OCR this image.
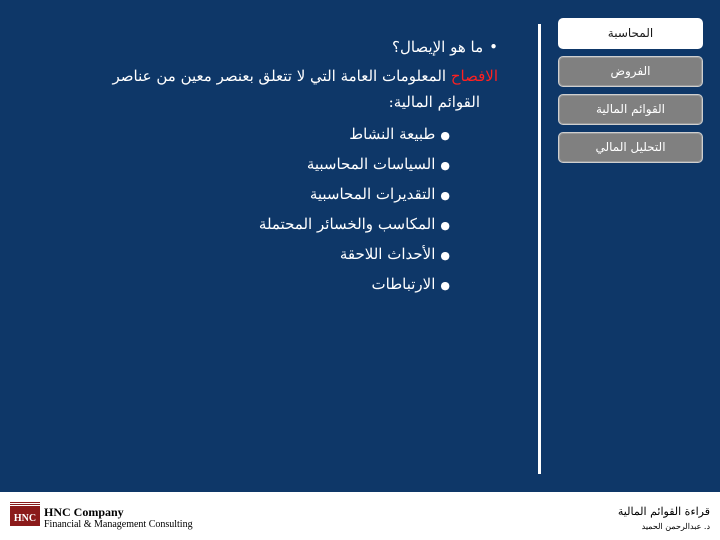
•ما هو الإيصال؟
الافصاح المعلومات العامة التي لا تتعلق بعنصر معين من عناصر
القوائم المالية:
●طبيعة النشاط
●السياسات المحاسبية
●التقديرات المحاسبية
●المكاسب والخسائر المحتملة
●الأحداث اللاحقة
●الارتباطات
المحاسبة
الفروض
القوائم المالية
التحليل المالي
HNC HNC Company
Financial & Management Consulting
قراءة القوائم المالية
د. عبدالرحمن الحميد
